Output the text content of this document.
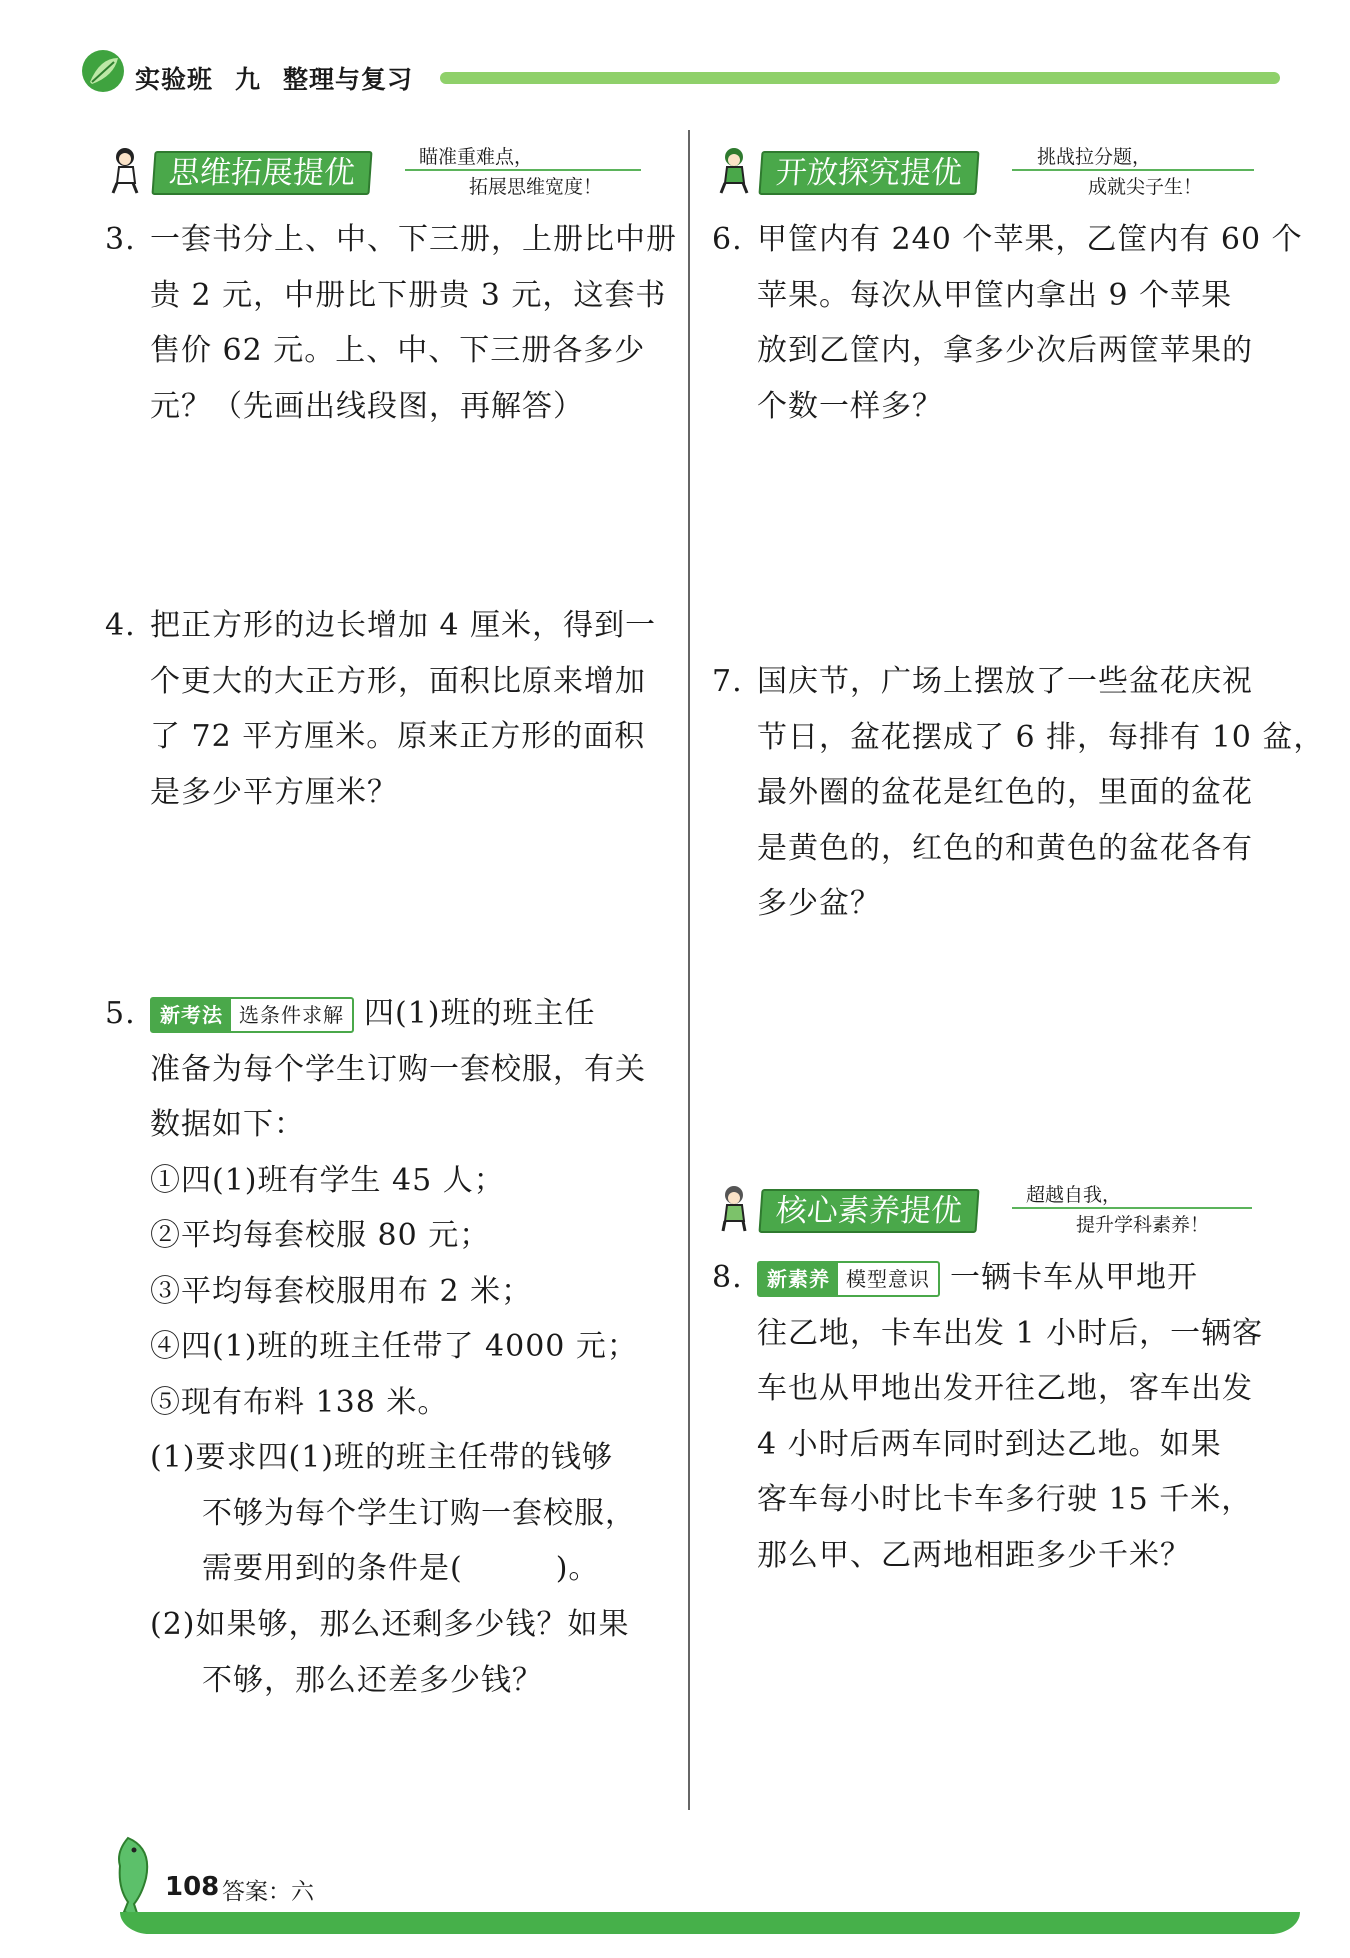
实验班 九 整理与复习
思维拓展提优	瞄准重难点，
拓展思维宽度！	开放探究提优	挑战拉分题，
成就尖子生！
3. 一套书分上、中、下三册，上册比中册

贵 2 元，中册比下册贵 3 元，这套书

售价 62 元。上、中、下三册各多少

元？（先画出线段图，再解答）

4. 把正方形的边长增加 4 厘米，得到一

个更大的大正方形，面积比原来增加

了 72 平方厘米。原来正方形的面积

是多少平方厘米？

5.	新考法 选条件求解 四(1)班的班主任

准备为每个学生订购一套校服，有关

数据如下：

①四(1)班有学生 45 人；

②平均每套校服 80 元；

③平均每套校服用布 2 米；

④四(1)班的班主任带了 4000 元；

⑤现有布料 138 米。

(1)要求四(1)班的班主任带的钱够

不够为每个学生订购一套校服，

需要用到的条件是(　　　)。

(2)如果够，那么还剩多少钱？如果

不够，那么还差多少钱？

6. 甲筐内有 240 个苹果，乙筐内有 60 个

苹果。每次从甲筐内拿出 9 个苹果

放到乙筐内，拿多少次后两筐苹果的

个数一样多？

7. 国庆节，广场上摆放了一些盆花庆祝

节日，盆花摆成了 6 排，每排有 10 盆，

最外圈的盆花是红色的，里面的盆花

是黄色的，红色的和黄色的盆花各有

多少盆？

核心素养提优	超越自我，
提升学科素养！
8.	新素养 模型意识 一辆卡车从甲地开

往乙地，卡车出发 1 小时后，一辆客

车也从甲地出发开往乙地，客车出发

4 小时后两车同时到达乙地。如果

客车每小时比卡车多行驶 15 千米，

那么甲、乙两地相距多少千米？

108 答案：六
